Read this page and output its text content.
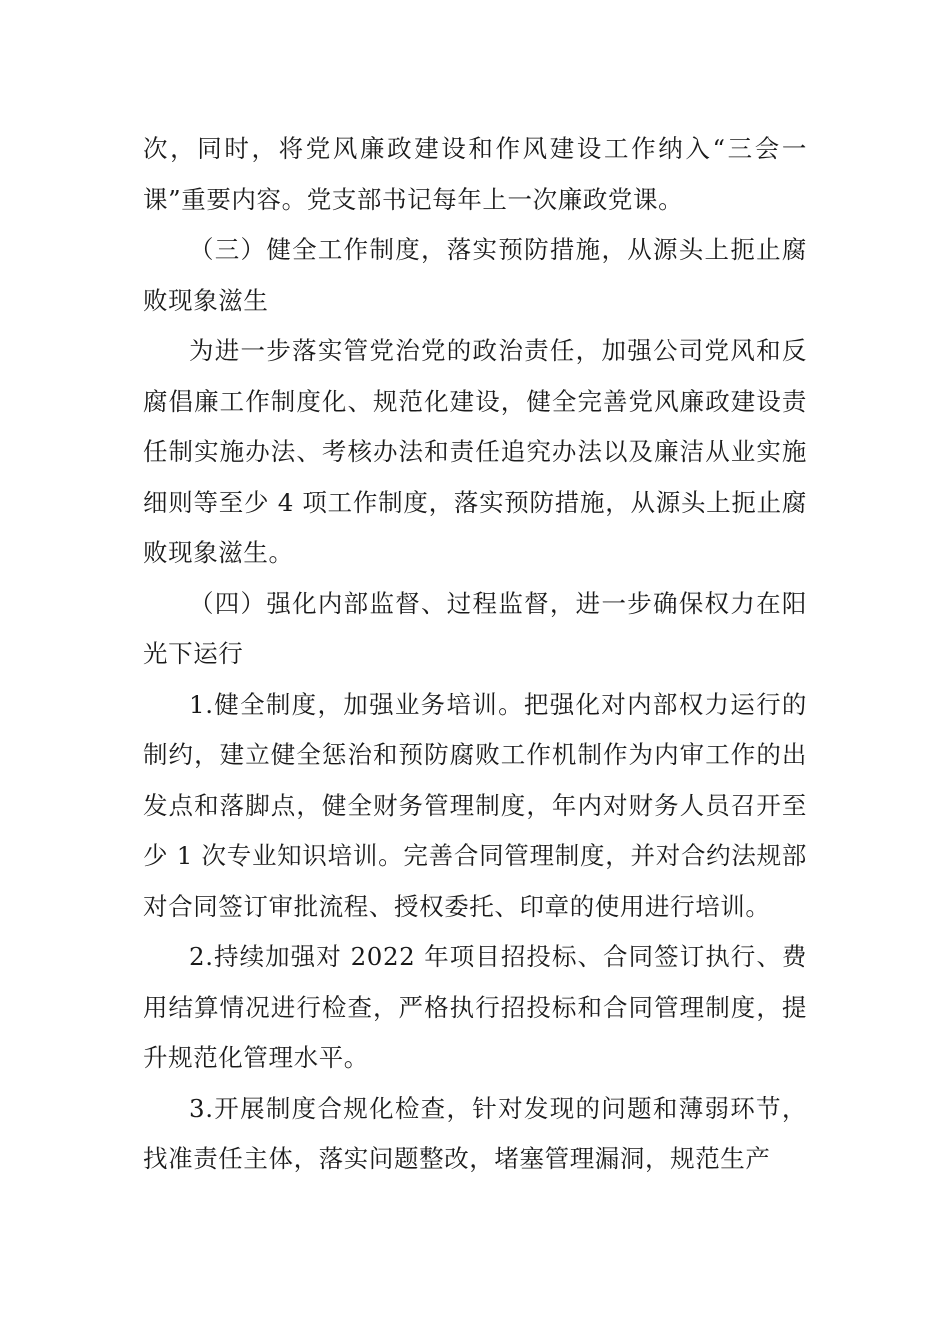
次，同时，将党风廉政建设和作风建设工作纳入“三会一课”重要内容。党支部书记每年上一次廉政党课。

（三）健全工作制度，落实预防措施，从源头上扼止腐败现象滋生

为进一步落实管党治党的政治责任，加强公司党风和反腐倡廉工作制度化、规范化建设，健全完善党风廉政建设责任制实施办法、考核办法和责任追究办法以及廉洁从业实施细则等至少 4 项工作制度，落实预防措施，从源头上扼止腐败现象滋生。

（四）强化内部监督、过程监督，进一步确保权力在阳光下运行

1.健全制度，加强业务培训。把强化对内部权力运行的制约，建立健全惩治和预防腐败工作机制作为内审工作的出发点和落脚点，健全财务管理制度，年内对财务人员召开至少 1 次专业知识培训。完善合同管理制度，并对合约法规部对合同签订审批流程、授权委托、印章的使用进行培训。

2.持续加强对 2022 年项目招投标、合同签订执行、费用结算情况进行检查，严格执行招投标和合同管理制度，提升规范化管理水平。

3.开展制度合规化检查，针对发现的问题和薄弱环节，找准责任主体，落实问题整改，堵塞管理漏洞，规范生产
